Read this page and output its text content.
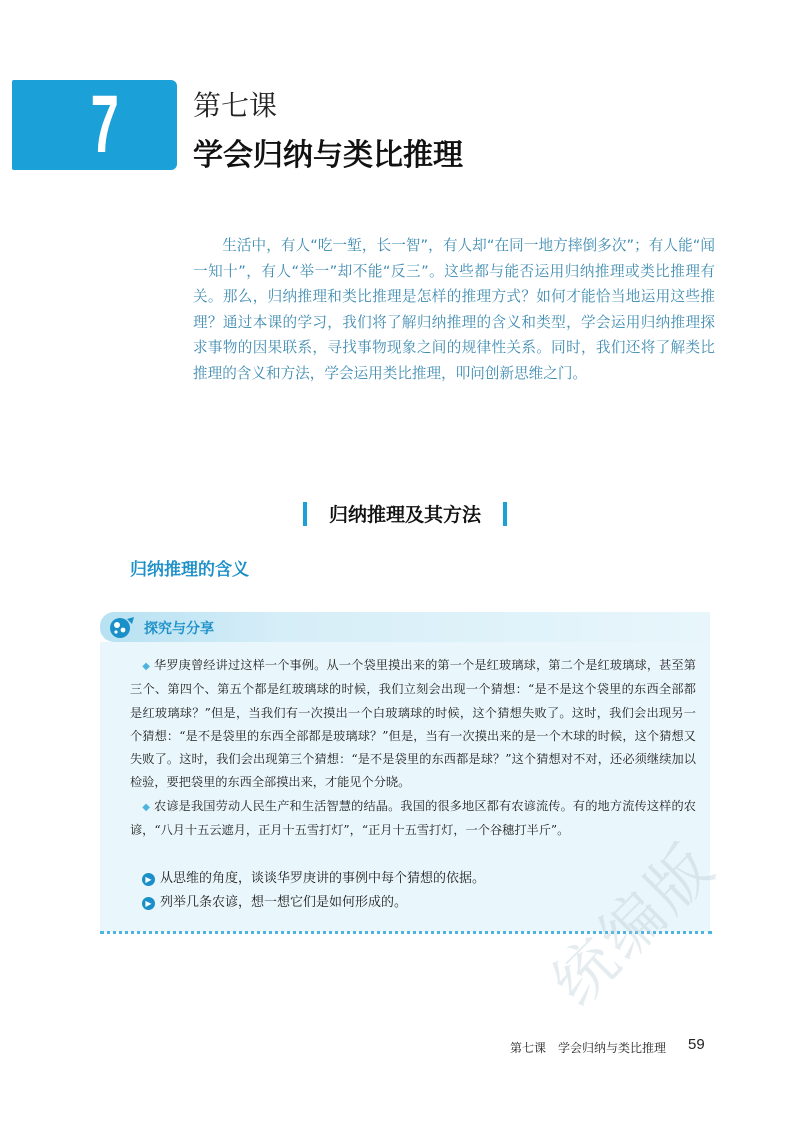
7	第七课
学会归纳与类比推理

生活中，有人“吃一堑，长一智”，有人却“在同一地方摔倒多次”；有人能“闻一知十”，有人“举一”却不能“反三”。这些都与能否运用归纳推理或类比推理有关。那么，归纳推理和类比推理是怎样的推理方式？如何才能恰当地运用这些推理？通过本课的学习，我们将了解归纳推理的含义和类型，学会运用归纳推理探求事物的因果联系，寻找事物现象之间的规律性关系。同时，我们还将了解类比推理的含义和方法，学会运用类比推理，叩问创新思维之门。

归纳推理及其方法
归纳推理的含义
探究与分享

◆ 华罗庚曾经讲过这样一个事例。从一个袋里摸出来的第一个是红玻璃球，第二个是红玻璃球，甚至第三个、第四个、第五个都是红玻璃球的时候，我们立刻会出现一个猜想：“是不是这个袋里的东西全部都是红玻璃球？”但是，当我们有一次摸出一个白玻璃球的时候，这个猜想失败了。这时，我们会出现另一个猜想：“是不是袋里的东西全部都是玻璃球？”但是，当有一次摸出来的是一个木球的时候，这个猜想又失败了。这时，我们会出现第三个猜想：“是不是袋里的东西都是球？”这个猜想对不对，还必须继续加以检验，要把袋里的东西全部摸出来，才能见个分晓。

◆ 农谚是我国劳动人民生产和生活智慧的结晶。我国的很多地区都有农谚流传。有的地方流传这样的农谚，“八月十五云遮月，正月十五雪打灯”，“正月十五雪打灯，一个谷穗打半斤”。

▶ 从思维的角度，谈谈华罗庚讲的事例中每个猜想的依据。
▶ 列举几条农谚，想一想它们是如何形成的。	统编版
第七课　学会归纳与类比推理 59
